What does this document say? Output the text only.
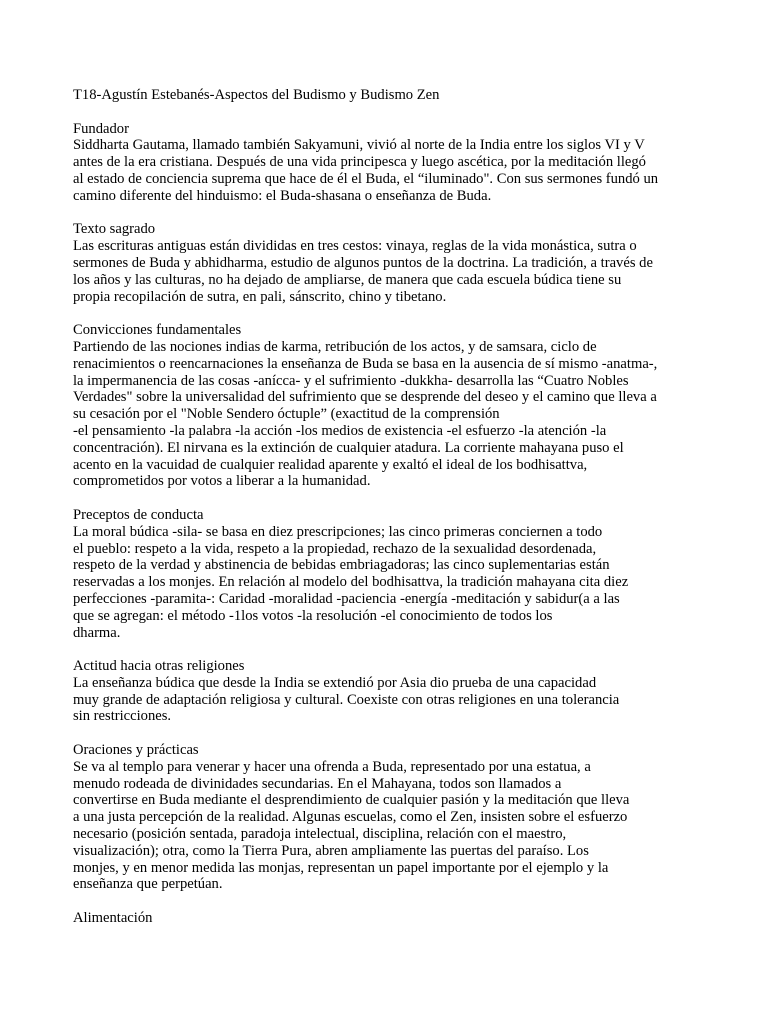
T18-Agustín Estebanés-Aspectos del Budismo y Budismo Zen
Fundador
Siddharta Gautama, llamado también Sakyamuni, vivió al norte de la India entre los siglos VI y V
antes de la era cristiana. Después de una vida principesca y luego ascética, por la meditación llegó
al estado de conciencia suprema que hace de él el Buda, el “iluminado". Con sus sermones fundó un
camino diferente del hinduismo: el Buda-shasana o enseñanza de Buda.
Texto sagrado
Las escrituras antiguas están divididas en tres cestos: vinaya, reglas de la vida monástica, sutra o
sermones de Buda y abhidharma, estudio de algunos puntos de la doctrina. La tradición, a través de
los años y las culturas, no ha dejado de ampliarse, de manera que cada escuela búdica tiene su
propia recopilación de sutra, en pali, sánscrito, chino y tibetano.
Convicciones fundamentales
Partiendo de las nociones indias de karma, retribución de los actos, y de samsara, ciclo de
renacimientos o reencarnaciones la enseñanza de Buda se basa en la ausencia de sí mismo -anatma-,
la impermanencia de las cosas -anícca- y el sufrimiento -dukkha- desarrolla las “Cuatro Nobles
Verdades" sobre la universalidad del sufrimiento que se desprende del deseo y el camino que lleva a
su cesación por el "Noble Sendero óctuple” (exactitud de la comprensión
-el pensamiento -la palabra -la acción -los medios de existencia -el esfuerzo -la atención -la
concentración). El nirvana es la extinción de cualquier atadura. La corriente mahayana puso el
acento en la vacuidad de cualquier realidad aparente y exaltó el ideal de los bodhisattva,
comprometidos por votos a liberar a la humanidad.
Preceptos de conducta
La moral búdica -sila- se basa en diez prescripciones; las cinco primeras conciernen a todo
el pueblo: respeto a la vida, respeto a la propiedad, rechazo de la sexualidad desordenada,
respeto de la verdad y abstinencia de bebidas embriagadoras; las cinco suplementarias están
reservadas a los monjes. En relación al modelo del bodhisattva, la tradición mahayana cita diez
perfecciones -paramita-: Caridad -moralidad -paciencia -energía -meditación y sabidur(a a las
que se agregan: el método -1los votos -la resolución -el conocimiento de todos los
dharma.
Actitud hacia otras religiones
La enseñanza búdica que desde la India se extendió por Asia dio prueba de una capacidad
muy grande de adaptación religiosa y cultural. Coexiste con otras religiones en una tolerancia
sin restricciones.
Oraciones y prácticas
Se va al templo para venerar y hacer una ofrenda a Buda, representado por una estatua, a
menudo rodeada de divinidades secundarias. En el Mahayana, todos son llamados a
convertirse en Buda mediante el desprendimiento de cualquier pasión y la meditación que lleva
a una justa percepción de la realidad. Algunas escuelas, como el Zen, insisten sobre el esfuerzo
necesario (posición sentada, paradoja intelectual, disciplina, relación con el maestro,
visualización); otra, como la Tierra Pura, abren ampliamente las puertas del paraíso. Los
monjes, y en menor medida las monjas, representan un papel importante por el ejemplo y la
enseñanza que perpetúan.
Alimentación
